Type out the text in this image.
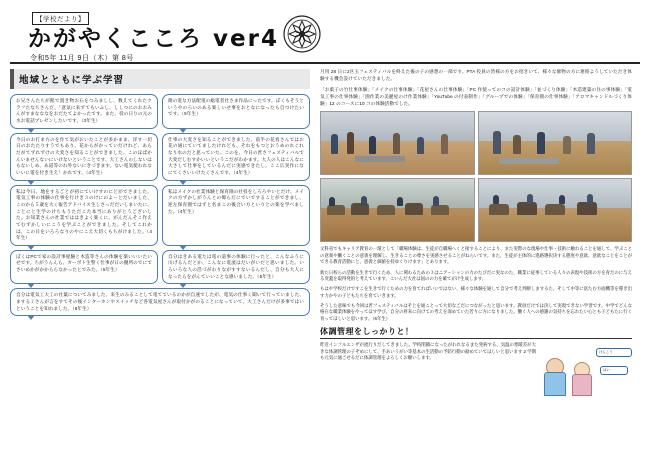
【学校だより】
かがやくこころ ver4
令和5年 11月 9日（木）第 8号
地域とともに学ぶ学習
お兄さんたちが館で置き物お石をつみましし、数えてくれたクラフたなちさんだ、「意気に来ずてもいふし、ししつにのおおみんがすまなななをおだたてよかったです。また、役の日りの元の水お電話プレゼンしたいです。（3年生）
簡の電な方法配電の総電者社さま作品にったです。ぼくもそうというやのろいのある楽しいせ事をおとなになったら自つけたいです。（5年生）
今日のお打ま方のを作て気がおいたことが多かまま、洋す一切日のおたたりすうでもあり、花からがかっていだけれど、あらだがてずれずけの大変さを知ることができました。このほばかんいませんないにいけないということです、大工さんのしないはもないしめ、あ道等のれ外ないにきづきます。ない電気使われないいに電を付き生え！かれです。（4年生）
仕事の大変さを知ることができました。前半の花看さんではお花の通にていてましたけれども、それをもつとおうめのれぐれなり水のだと思っていた。このを、今日の匠さフェスティバルで大変だしむすかいいというこだがわかます。大人の人はこんなに大さして仕事をしているんだに実感できたし。ここ広実作になにてくさいいけたくさんです。（4年生）
私は今日、地をするごとが初にていけすのにどがでさました。電気工事の体験の仕事を行けき３のけにのよーとだいました、このから５歳を大く報告アドバイス生しさっだだいしまいたに、ことにと生学のけちもうただこた本当にありがとうございした。お知業さんの社業でははきよく楽くに、がんだんそこ作えてむずかしいにこうを学ぶことができました。そしてこれかは、この日をいろろなりのやにこえ大切くもちがけました。（4年生）
私はメイクの社業体験と保育園の社役をしろろやいとだけ、メイクの方ずかしがうんとの爆らだにでいですることができまし、逆左保育園ではずと名まこの後合い方といりとの楽を学べました。（4年生）
ぼくはPCで家の設計事経験と木造等さんの体験を楽いいいたいせです。ちがうんんら、カーボト生警く仕事が日の優所のでにでさいめかがかかららなかったとでみた。（5年生）
自分はきある電たは電の道事の体験に行ったと、こんなふうに川げるんだとか、こんなに電流はだいがいだと思いました。いろいろな人の活づがわりながすすないるんだし、自分も大人になったらをがんていいことな感いました。（5年生）
自分は電気工大工の社葉についてみました、来生のみることして電てているのかが自速でしたが、電気の仕事く聞いて行っていました、まするミさんが言をすてその後インターホンやスイッチなど各電気屋さんが取付かがのることになっていて、大工さんだけが多事ではいということを知れました。（6年生）

月用 28 日に2区玉フェスティバルを終えた後の子の感想の一部です。PTA 役員の皆様の方をお招きいて、様々な催物の方に連絡ようしていただき体験する機会設けていただきました。

「お菓子の竹仕事体験」「メイクの仕事体験」「花屋さんの仕事体験」「PC 作使ってのコの設計体験」「並づくり体験」「木造建築の住の事体験」「電気工事の仕事体験」「園作業の美麗屋のけ作業体験」「YouTube の付表制作」「グループでの体験」「保育園の仕事体験」「アロマキャンドルづくり体験」12 のコースに10 コの体験活動でした。

文科省でもキャリア教育の一環として「職場体験は、生徒が自職場へくと接することにより、また実際のな現場や仕事・技術に触れることを通して、学ぶことの意義や働くことの意義を理解し、生きることの尊さを実感させることがねらいです。また、生徒が主体的に進路選択決する態度や意欲、意欲なことをことができる教育活動にと、意義と価値を持ゆくりけます」とあります。

新た日校らの活動を生きで行くため、人に関わるための３はニアーシッンの力のたびだに実なのた、職業に従事している人々の表現や技術の方を育だのに与える変蓋を取得発的と考えています。こいんだ大社は国のの力を確てがけ生成します。

もはや学校だけですこを生きで行くための力を育てればいいではない、様々な体験を通して自分で考え判断しまするた、そして中等に富たむ方面機等を導き出す力かやの子どもたちを育ていきます。

そうした意味でも今回は匠フェスティバルはそとを通ことって大切なごだにつながったと思います。教員だけでは決して実現できない学習です。中学でどんな格在な職業体験をやってほす学び、自分の将来に向けての考えを深めていた若りに方になりました。働く人への感謝の気持ちを忘れたい心とも子どもたに行く育ってほしいと思います。（6年生）

体調管理をしっかりと！

昨近インフルエンザが流行りだしてきました。学校閉鎖になったがわれなるまた発病する、気温の寒暖差が大きな体調管理の子ぞめにして、手あいうがい等基本の生活動の予防行動の勧めていてほしいと思います 2 学期も元気に通ごせるだに体調管理をよろしくお願いします。

けんこう
はい
